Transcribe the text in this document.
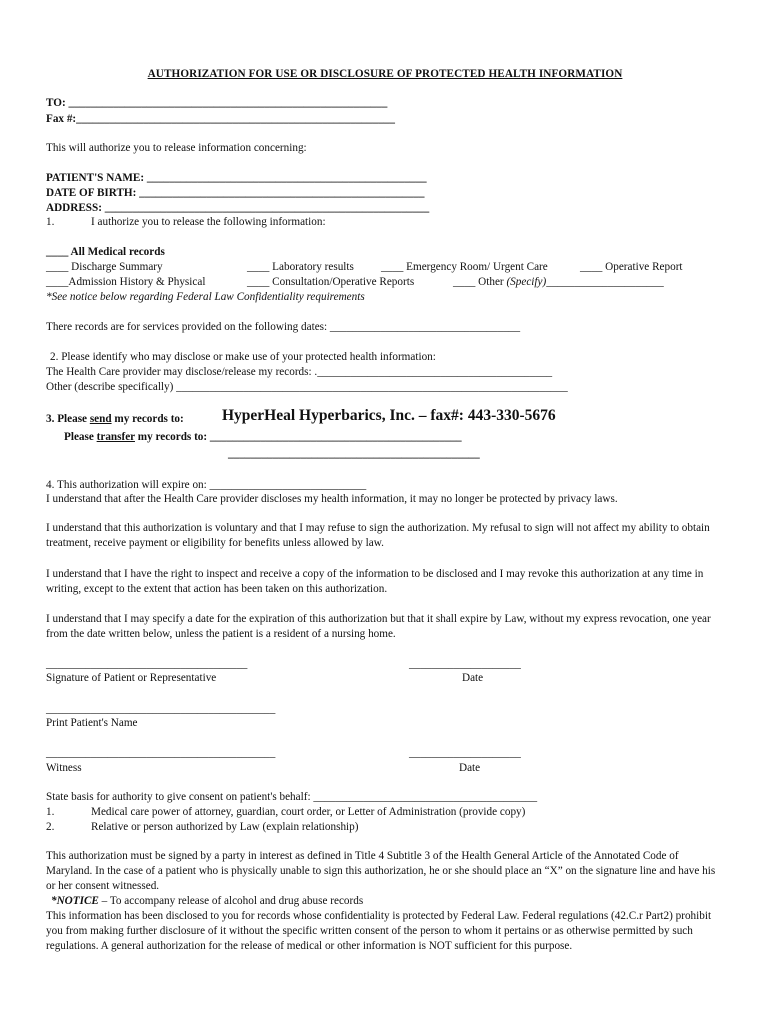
AUTHORIZATION FOR USE OR DISCLOSURE OF PROTECTED HEALTH INFORMATION
TO: _________________________________________________________
Fax #:_________________________________________________________
This will authorize you to release information concerning:
PATIENT'S NAME: __________________________________________________
DATE OF BIRTH: ___________________________________________________
ADDRESS: __________________________________________________________
1.	I authorize you to release the following information:
____ All Medical records
____ Discharge Summary	____ Laboratory results ____ Emergency Room/ Urgent Care	____ Operative Report
____Admission History & Physical	____ Consultation/Operative Reports	____ Other (Specify)_____________________
*See notice below regarding Federal Law Confidentiality requirements
There records are for services provided on the following dates: __________________________________
2. Please identify who may disclose or make use of your protected health information:
The Health Care provider may disclose/release my records: .__________________________________________
Other (describe specifically) ______________________________________________________________________
3. Please send my records to: HyperHeal Hyperbarics, Inc. – fax#: 443-330-5676
Please transfer my records to: _____________________________________________
_____________________________________________
4. This authorization will expire on: ____________________________
I understand that after the Health Care provider discloses my health information, it may no longer be protected by privacy laws.
I understand that this authorization is voluntary and that I may refuse to sign the authorization. My refusal to sign will not affect my ability to obtain treatment, receive payment or eligibility for benefits unless allowed by law.
I understand that I have the right to inspect and receive a copy of the information to be disclosed and I may revoke this authorization at any time in writing, except to the extent that action has been taken on this authorization.
I understand that I may specify a date for the expiration of this authorization but that it shall expire by Law, without my express revocation, one year from the date written below, unless the patient is a resident of a nursing home.
____________________________________
Signature of Patient or Representative
____________________
Date
_________________________________________
Print Patient's Name
_________________________________________
Witness
____________________
Date
State basis for authority to give consent on patient's behalf: ________________________________________
1.	Medical care power of attorney, guardian, court order, or Letter of Administration (provide copy)
2.	Relative or person authorized by Law (explain relationship)
This authorization must be signed by a party in interest as defined in Title 4 Subtitle 3 of the Health General Article of the Annotated Code of Maryland. In the case of a patient who is physically unable to sign this authorization, he or she should place an “X” on the signature line and have his or her consent witnessed.
*NOTICE – To accompany release of alcohol and drug abuse records
This information has been disclosed to you for records whose confidentiality is protected by Federal Law. Federal regulations (42.C.r Part2) prohibit you from making further disclosure of it without the specific written consent of the person to whom it pertains or as otherwise permitted by such regulations. A general authorization for the release of medical or other information is NOT sufficient for this purpose.
